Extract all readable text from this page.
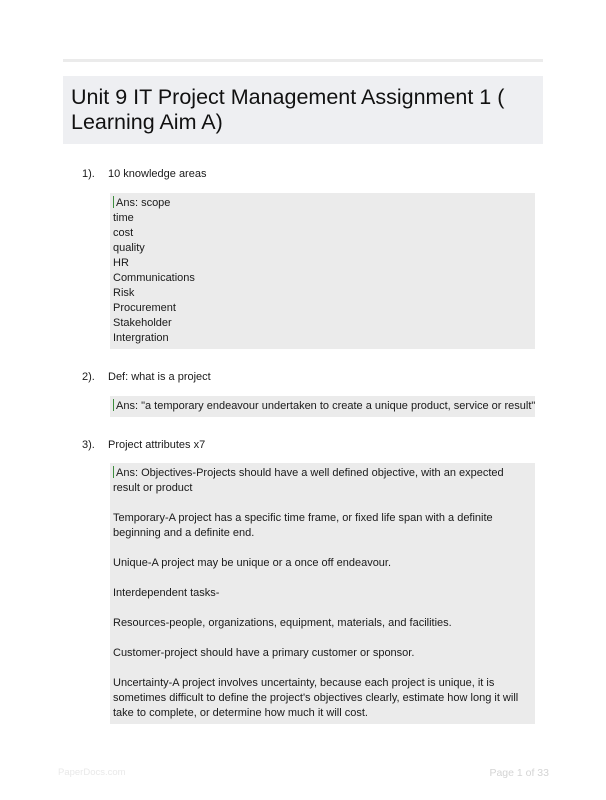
Unit 9 IT Project Management Assignment 1 (
Learning Aim A)
1). 10 knowledge areas
Ans: scope
time
cost
quality
HR
Communications
Risk
Procurement
Stakeholder
Intergration
2). Def: what is a project
Ans: "a temporary endeavour undertaken to create a unique product, service or result"
3). Project attributes x7
Ans: Objectives-Projects should have a well defined objective, with an expected result or product
Temporary-A project has a specific time frame, or fixed life span with a definite beginning and a definite end.
Unique-A project may be unique or a once off endeavour.
Interdependent tasks-
Resources-people, organizations, equipment, materials, and facilities.
Customer-project should have a primary customer or sponsor.
Uncertainty-A project involves uncertainty, because each project is unique, it is sometimes difficult to define the project's objectives clearly, estimate how long it will take to complete, or determine how much it will cost.
PaperDocs.com	Page 1 of 33
